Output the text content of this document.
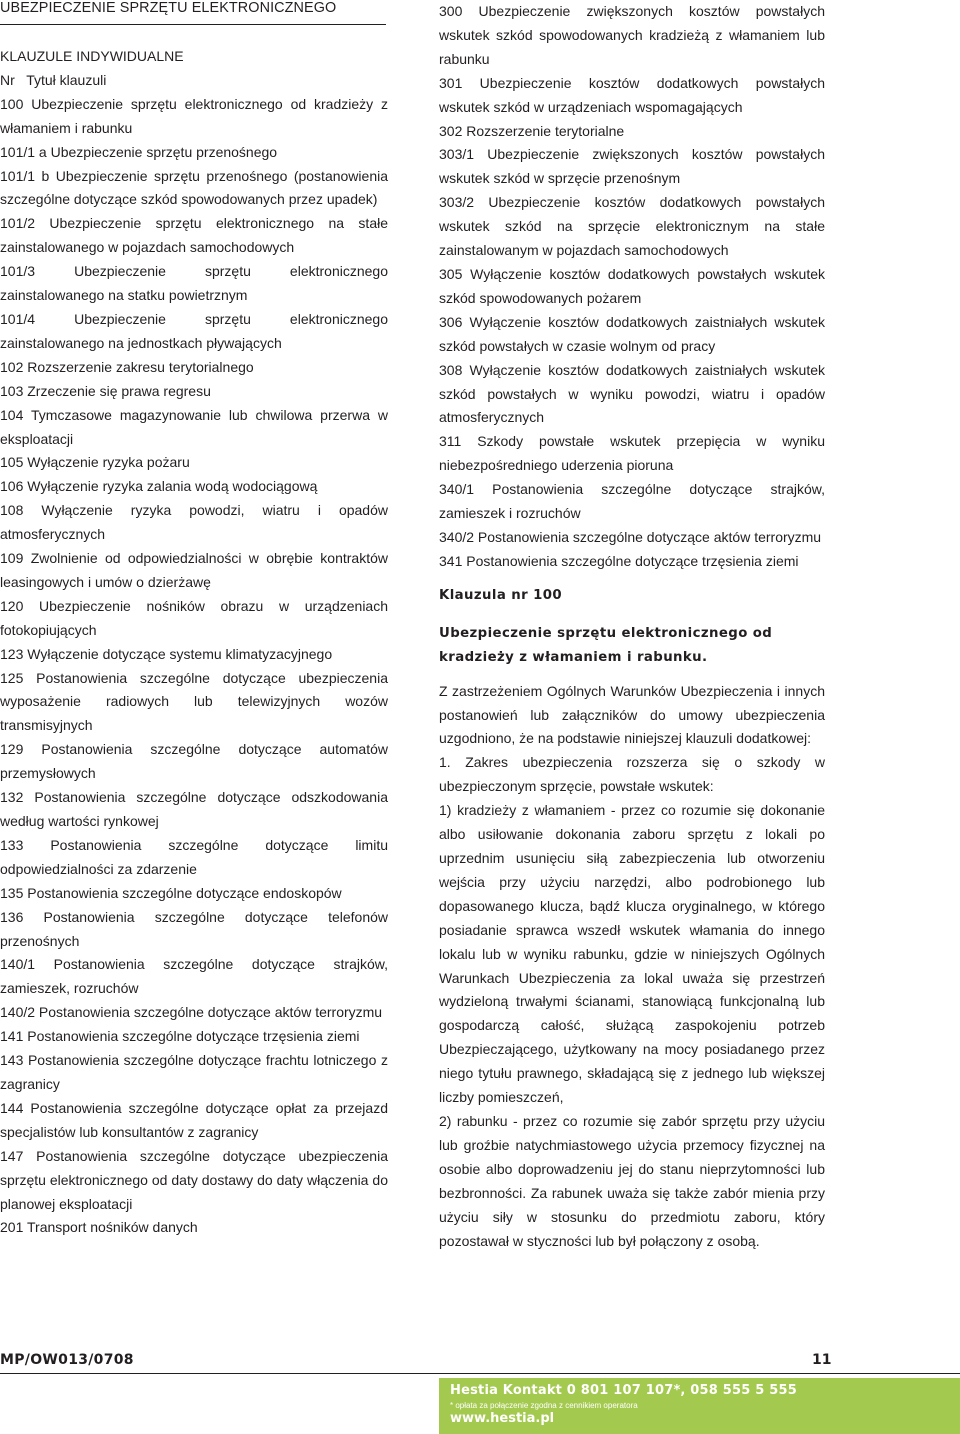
UBEZPIECZENIE SPRZĘTU ELEKTRONICZNEGO

KLAUZULE INDYWIDUALNE

Nr   Tytuł klauzuli

100 Ubezpieczenie sprzętu elektronicznego od kradzieży z włamaniem i rabunku

101/1 a Ubezpieczenie sprzętu przenośnego

101/1 b Ubezpieczenie sprzętu przenośnego (postanowienia szczególne dotyczące szkód spowodowanych przez upadek)

101/2 Ubezpieczenie sprzętu elektronicznego na stałe zainstalowanego w pojazdach samochodowych

101/3 Ubezpieczenie sprzętu elektronicznego zainstalowanego na statku powietrznym

101/4 Ubezpieczenie sprzętu elektronicznego zainstalowanego na jednostkach pływających

102 Rozszerzenie zakresu terytorialnego

103 Zrzeczenie się prawa regresu

104 Tymczasowe magazynowanie lub chwilowa przerwa w eksploatacji

105 Wyłączenie ryzyka pożaru

106 Wyłączenie ryzyka zalania wodą wodociągową

108 Wyłączenie ryzyka powodzi, wiatru i opadów atmosferycznych

109 Zwolnienie od odpowiedzialności w obrębie kontraktów leasingowych i umów o dzierżawę

120 Ubezpieczenie nośników obrazu w urządzeniach fotokopiujących

123 Wyłączenie dotyczące systemu klimatyzacyjnego

125 Postanowienia szczególne dotyczące ubezpieczenia wyposażenie radiowych lub telewizyjnych wozów transmisyjnych

129 Postanowienia szczególne dotyczące automatów przemysłowych

132 Postanowienia szczególne dotyczące odszkodowania według wartości rynkowej

133 Postanowienia szczególne dotyczące limitu odpowiedzialności za zdarzenie

135 Postanowienia szczególne dotyczące endoskopów

136 Postanowienia szczególne dotyczące telefonów przenośnych

140/1 Postanowienia szczególne dotyczące strajków, zamieszek, rozruchów

140/2 Postanowienia szczególne dotyczące aktów terroryzmu

141 Postanowienia szczególne dotyczące trzęsienia ziemi

143 Postanowienia szczególne dotyczące frachtu lotniczego z zagranicy

144 Postanowienia szczególne dotyczące opłat za przejazd specjalistów lub konsultantów z zagranicy

147 Postanowienia szczególne dotyczące ubezpieczenia sprzętu elektronicznego od daty dostawy do daty włączenia do planowej eksploatacji

201 Transport nośników danych

300 Ubezpieczenie zwiększonych kosztów powstałych wskutek szkód spowodowanych kradzieżą z włamaniem lub rabunku

301 Ubezpieczenie kosztów dodatkowych powstałych wskutek szkód w urządzeniach wspomagających

302 Rozszerzenie terytorialne

303/1 Ubezpieczenie zwiększonych kosztów powstałych wskutek szkód w sprzęcie przenośnym

303/2 Ubezpieczenie kosztów dodatkowych powstałych wskutek szkód na sprzęcie elektronicznym na stałe zainstalowanym w pojazdach samochodowych

305 Wyłączenie kosztów dodatkowych powstałych wskutek szkód spowodowanych pożarem

306 Wyłączenie kosztów dodatkowych zaistniałych wskutek szkód powstałych w czasie wolnym od pracy

308 Wyłączenie kosztów dodatkowych zaistniałych wskutek szkód powstałych w wyniku powodzi, wiatru i opadów atmosferycznych

311 Szkody powstałe wskutek przepięcia w wyniku niebezpośredniego uderzenia pioruna

340/1 Postanowienia szczególne dotyczące strajków, zamieszek i rozruchów

340/2 Postanowienia szczególne dotyczące aktów terroryzmu

341 Postanowienia szczególne dotyczące trzęsienia ziemi

Klauzula nr 100

Ubezpieczenie sprzętu elektronicznego od kradzieży z włamaniem i rabunku.

Z zastrzeżeniem Ogólnych Warunków Ubezpieczenia i innych postanowień lub załączników do umowy ubezpieczenia uzgodniono, że na podstawie niniejszej klauzuli dodatkowej:

1. Zakres ubezpieczenia rozszerza się o szkody w ubezpieczonym sprzęcie, powstałe wskutek:

1) kradzieży z włamaniem - przez co rozumie się dokonanie albo usiłowanie dokonania zaboru sprzętu z lokali po uprzednim usunięciu siłą zabezpieczenia lub otworzeniu wejścia przy użyciu narzędzi, albo podrobionego lub dopasowanego klucza, bądź klucza oryginalnego, w którego posiadanie sprawca wszedł wskutek włamania do innego lokalu lub w wyniku rabunku, gdzie w niniejszych Ogólnych Warunkach Ubezpieczenia za lokal uważa się przestrzeń wydzieloną trwałymi ścianami, stanowiącą funkcjonalną lub gospodarczą całość, służącą zaspokojeniu potrzeb Ubezpieczającego, użytkowany na mocy posiadanego przez niego tytułu prawnego, składającą się z jednego lub większej liczby pomieszczeń,

2) rabunku - przez co rozumie się zabór sprzętu przy użyciu lub groźbie natychmiastowego użycia przemocy fizycznej na osobie albo doprowadzeniu jej do stanu nieprzytomności lub bezbronności. Za rabunek uważa się także zabór mienia przy użyciu siły w stosunku do przedmiotu zaboru, który pozostawał w styczności lub był połączony z osobą.

MP/OW013/0708	11
Hestia Kontakt 0 801 107 107*, 058 555 5 555
* opłata za połączenie zgodna z cennikiem operatora
www.hestia.pl
